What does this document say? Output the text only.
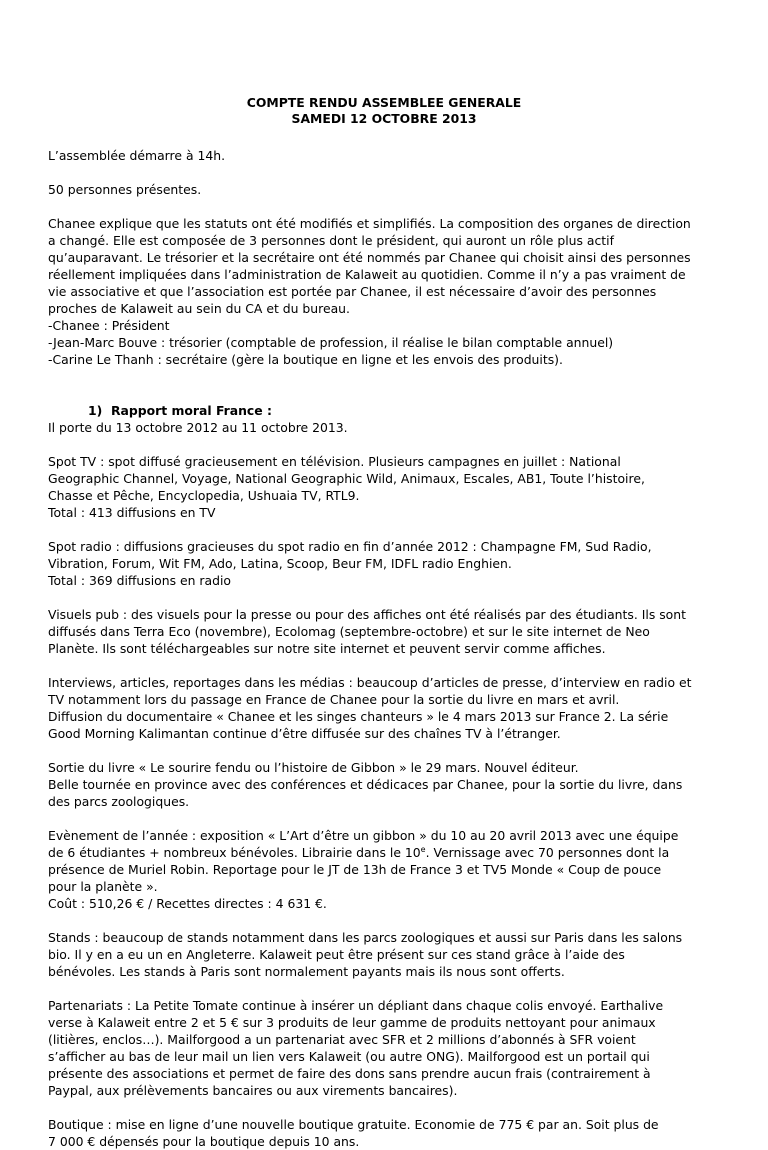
COMPTE RENDU ASSEMBLEE GENERALE
SAMEDI 12 OCTOBRE 2013
L’assemblée démarre à 14h.
50 personnes présentes.
Chanee explique que les statuts ont été modifiés et simplifiés. La composition des organes de direction
a changé. Elle est composée de 3 personnes dont le président, qui auront un rôle plus actif
qu’auparavant. Le trésorier et la secrétaire ont été nommés par Chanee qui choisit ainsi des personnes
réellement impliquées dans l’administration de Kalaweit au quotidien. Comme il n’y a pas vraiment de
vie associative et que l’association est portée par Chanee, il est nécessaire d’avoir des personnes
proches de Kalaweit au sein du CA et du bureau.
-Chanee : Président
-Jean-Marc Bouve : trésorier (comptable de profession, il réalise le bilan comptable annuel)
-Carine Le Thanh : secrétaire (gère la boutique en ligne et les envois des produits).
1) Rapport moral France :
Il porte du 13 octobre 2012 au 11 octobre 2013.
Spot TV : spot diffusé gracieusement en télévision. Plusieurs campagnes en juillet : National
Geographic Channel, Voyage, National Geographic Wild, Animaux, Escales, AB1, Toute l’histoire,
Chasse et Pêche, Encyclopedia, Ushuaia TV, RTL9.
Total : 413 diffusions en TV
Spot radio : diffusions gracieuses du spot radio en fin d’année 2012 : Champagne FM, Sud Radio,
Vibration, Forum, Wit FM, Ado, Latina, Scoop, Beur FM, IDFL radio Enghien.
Total : 369 diffusions en radio
Visuels pub : des visuels pour la presse ou pour des affiches ont été réalisés par des étudiants. Ils sont
diffusés dans Terra Eco (novembre), Ecolomag (septembre-octobre) et sur le site internet de Neo
Planète. Ils sont téléchargeables sur notre site internet et peuvent servir comme affiches.
Interviews, articles, reportages dans les médias : beaucoup d’articles de presse, d’interview en radio et
TV notamment lors du passage en France de Chanee pour la sortie du livre en mars et avril.
Diffusion du documentaire « Chanee et les singes chanteurs » le 4 mars 2013 sur France 2. La série
Good Morning Kalimantan continue d’être diffusée sur des chaînes TV à l’étranger.
Sortie du livre « Le sourire fendu ou l’histoire de Gibbon » le 29 mars. Nouvel éditeur.
Belle tournée en province avec des conférences et dédicaces par Chanee, pour la sortie du livre, dans
des parcs zoologiques.
Evènement de l’année : exposition « L’Art d’être un gibbon » du 10 au 20 avril 2013 avec une équipe
de 6 étudiantes + nombreux bénévoles. Librairie dans le 10e. Vernissage avec 70 personnes dont la
présence de Muriel Robin. Reportage pour le JT de 13h de France 3 et TV5 Monde « Coup de pouce
pour la planète ».
Coût : 510,26 € / Recettes directes : 4 631 €.
Stands : beaucoup de stands notamment dans les parcs zoologiques et aussi sur Paris dans les salons
bio. Il y en a eu un en Angleterre. Kalaweit peut être présent sur ces stand grâce à l’aide des
bénévoles. Les stands à Paris sont normalement payants mais ils nous sont offerts.
Partenariats : La Petite Tomate continue à insérer un dépliant dans chaque colis envoyé. Earthalive
verse à Kalaweit entre 2 et 5 € sur 3 produits de leur gamme de produits nettoyant pour animaux
(litières, enclos…). Mailforgood a un partenariat avec SFR et 2 millions d’abonnés à SFR voient
s’afficher au bas de leur mail un lien vers Kalaweit (ou autre ONG). Mailforgood est un portail qui
présente des associations et permet de faire des dons sans prendre aucun frais (contrairement à
Paypal, aux prélèvements bancaires ou aux virements bancaires).
Boutique : mise en ligne d’une nouvelle boutique gratuite. Economie de 775 € par an. Soit plus de
7 000 € dépensés pour la boutique depuis 10 ans.
